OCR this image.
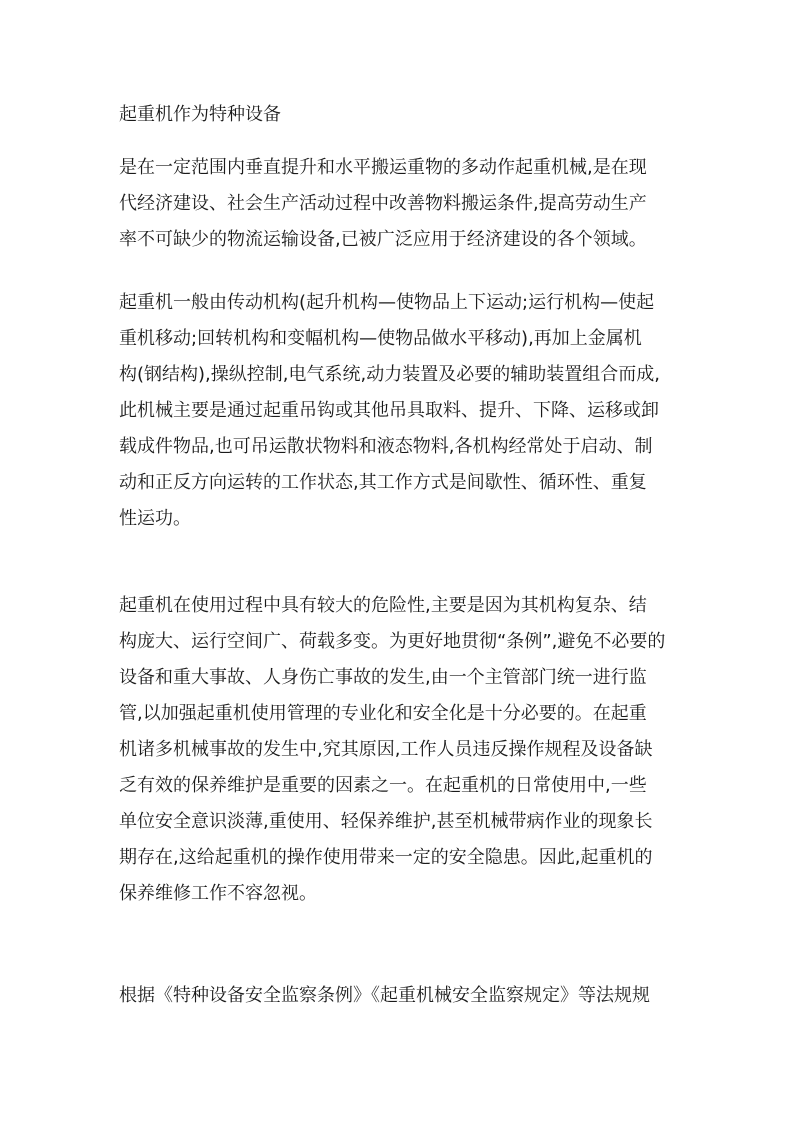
起重机作为特种设备
是在一定范围内垂直提升和水平搬运重物的多动作起重机械,是在现
代经济建设、社会生产活动过程中改善物料搬运条件,提高劳动生产
率不可缺少的物流运输设备,已被广泛应用于经济建设的各个领域。
起重机一般由传动机构(起升机构—使物品上下运动;运行机构—使起
重机移动;回转机构和变幅机构—使物品做水平移动),再加上金属机
构(钢结构),操纵控制,电气系统,动力装置及必要的辅助装置组合而成,
此机械主要是通过起重吊钩或其他吊具取料、提升、下降、运移或卸
载成件物品,也可吊运散状物料和液态物料,各机构经常处于启动、制
动和正反方向运转的工作状态,其工作方式是间歇性、循环性、重复
性运功。
起重机在使用过程中具有较大的危险性,主要是因为其机构复杂、结
构庞大、运行空间广、荷载多变。为更好地贯彻“条例”,避免不必要的
设备和重大事故、人身伤亡事故的发生,由一个主管部门统一进行监
管,以加强起重机使用管理的专业化和安全化是十分必要的。在起重
机诸多机械事故的发生中,究其原因,工作人员违反操作规程及设备缺
乏有效的保养维护是重要的因素之一。在起重机的日常使用中,一些
单位安全意识淡薄,重使用、轻保养维护,甚至机械带病作业的现象长
期存在,这给起重机的操作使用带来一定的安全隐患。因此,起重机的
保养维修工作不容忽视。
根据《特种设备安全监察条例》《起重机械安全监察规定》等法规规
